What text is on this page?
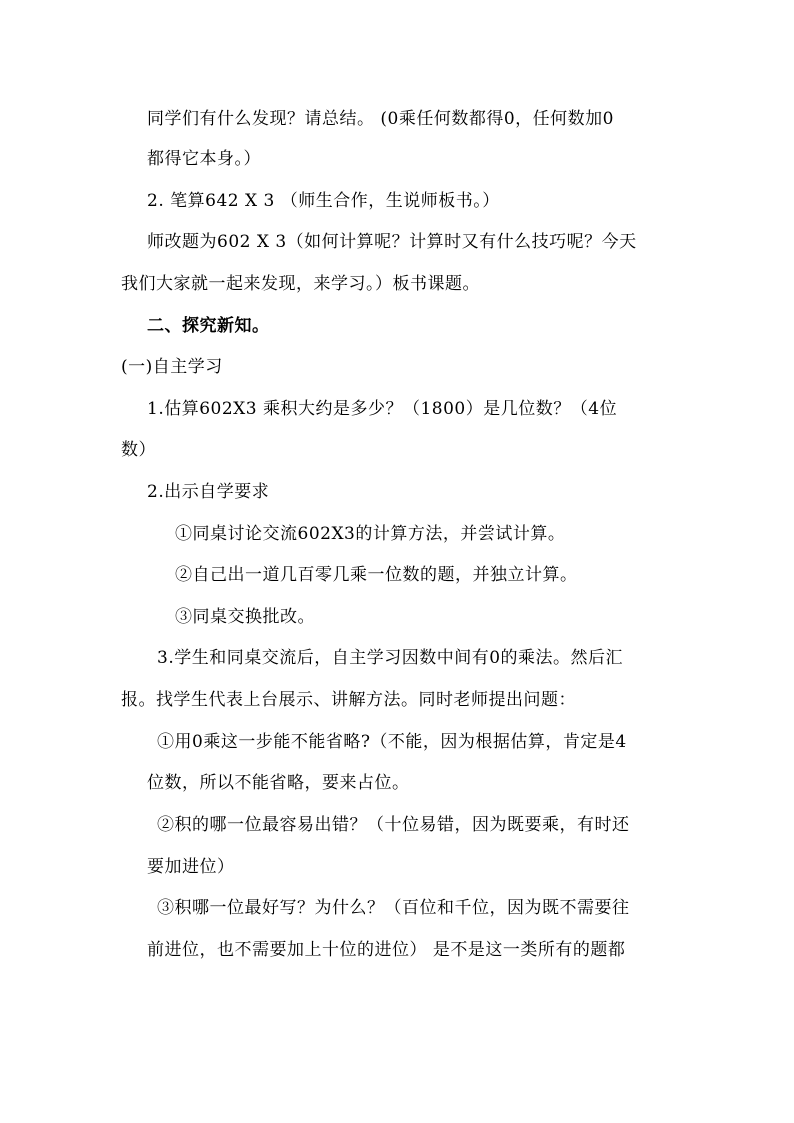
同学们有什么发现？请总结。 (0乘任何数都得0，任何数加0
都得它本身。）
2. 笔算642 X 3 （师生合作，生说师板书。）
师改题为602 X 3（如何计算呢？计算时又有什么技巧呢？今天
我们大家就一起来发现，来学习。）板书课题。
二、探究新知。
(一)自主学习
1.估算602X3 乘积大约是多少？（1800）是几位数？（4位
数）
2.出示自学要求
①同桌讨论交流602X3的计算方法，并尝试计算。
②自己出一道几百零几乘一位数的题，并独立计算。
③同桌交换批改。
3.学生和同桌交流后，自主学习因数中间有0的乘法。然后汇
报。找学生代表上台展示、讲解方法。同时老师提出问题：
①用0乘这一步能不能省略?（不能，因为根据估算，肯定是4
位数，所以不能省略，要来占位。
②积的哪一位最容易出错？（十位易错，因为既要乘，有时还
要加进位）
③积哪一位最好写？为什么？（百位和千位，因为既不需要往
前进位，也不需要加上十位的进位） 是不是这一类所有的题都
